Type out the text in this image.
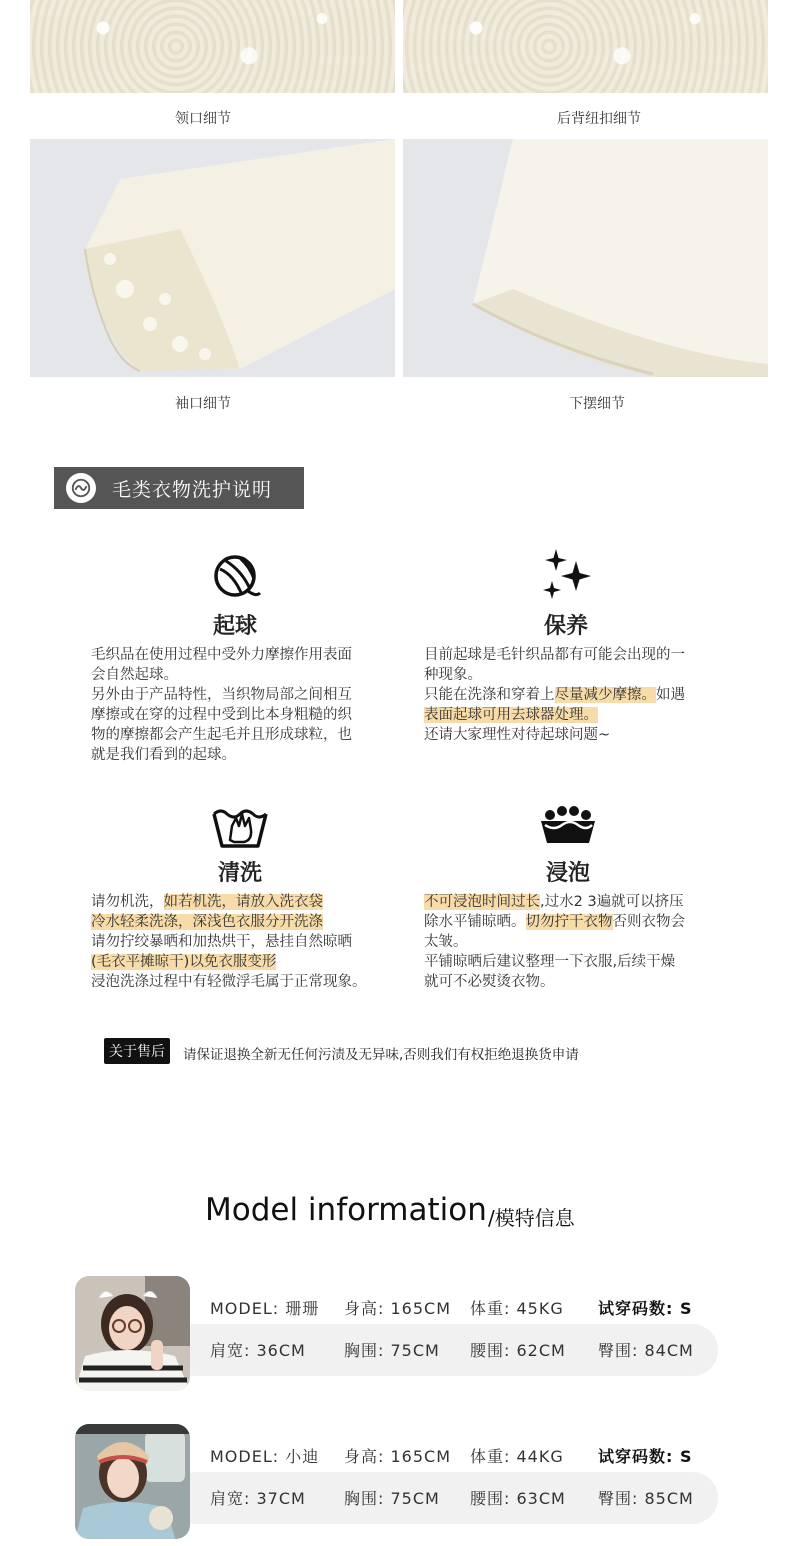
领口细节	后背纽扣细节
袖口细节	下摆细节
毛类衣物洗护说明
起球
毛织品在使用过程中受外力摩擦作用表面
会自然起球。
另外由于产品特性，当织物局部之间相互
摩擦或在穿的过程中受到比本身粗糙的织
物的摩擦都会产生起毛并且形成球粒，也
就是我们看到的起球。
保养
目前起球是毛针织品都有可能会出现的一
种现象。
只能在洗涤和穿着上尽量减少摩擦。如遇
表面起球可用去球器处理。
还请大家理性对待起球问题~
清洗
请勿机洗，如若机洗，请放入洗衣袋
冷水轻柔洗涤，深浅色衣服分开洗涤
请勿拧绞暴晒和加热烘干，悬挂自然晾晒
(毛衣平摊晾干)以免衣服变形
浸泡洗涤过程中有轻微浮毛属于正常现象。
浸泡
不可浸泡时间过长,过水2 3遍就可以挤压
除水平铺晾晒。切勿拧干衣物否则衣物会
太皱。
平铺晾晒后建议整理一下衣服,后续干燥
就可不必熨烫衣物。
关于售后	请保证退换全新无任何污渍及无异味,否则我们有权拒绝退换货申请
Model information /模特信息
MODEL: 珊珊 身高: 165CM 体重: 45KG 试穿码数: S
肩宽: 36CM 胸围: 75CM 腰围: 62CM 臀围: 84CM
MODEL: 小迪 身高: 165CM 体重: 44KG 试穿码数: S
肩宽: 37CM 胸围: 75CM 腰围: 63CM 臀围: 85CM
